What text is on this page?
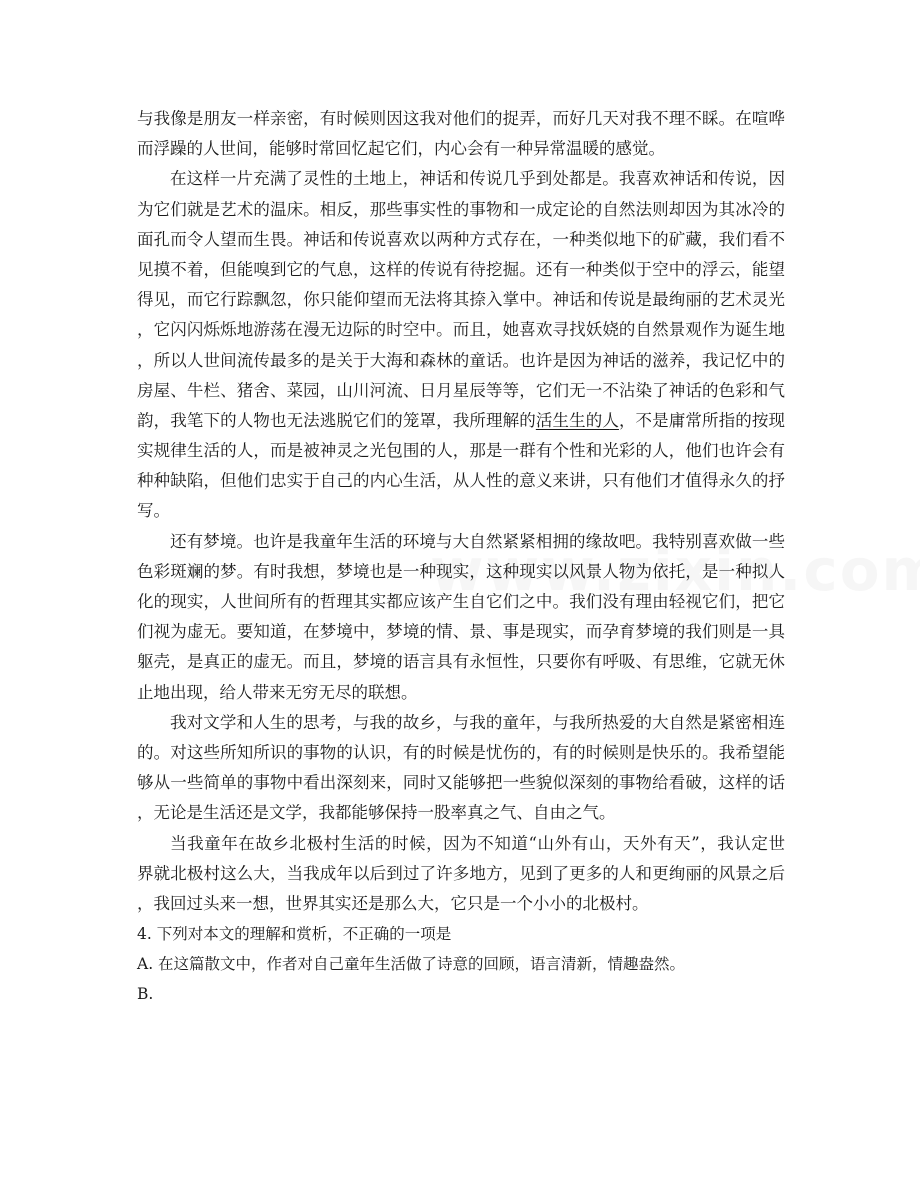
与我像是朋友一样亲密，有时候则因这我对他们的捉弄，而好几天对我不理不睬。在喧哗
而浮躁的人世间，能够时常回忆起它们，内心会有一种异常温暖的感觉。
在这样一片充满了灵性的土地上，神话和传说几乎到处都是。我喜欢神话和传说，因
为它们就是艺术的温床。相反，那些事实性的事物和一成定论的自然法则却因为其冰冷的
面孔而令人望而生畏。神话和传说喜欢以两种方式存在，一种类似地下的矿藏，我们看不
见摸不着，但能嗅到它的气息，这样的传说有待挖掘。还有一种类似于空中的浮云，能望
得见，而它行踪飘忽，你只能仰望而无法将其捺入掌中。神话和传说是最绚丽的艺术灵光
，它闪闪烁烁地游荡在漫无边际的时空中。而且，她喜欢寻找妖娆的自然景观作为诞生地
，所以人世间流传最多的是关于大海和森林的童话。也许是因为神话的滋养，我记忆中的
房屋、牛栏、猪舍、菜园，山川河流、日月星辰等等，它们无一不沾染了神话的色彩和气
韵，我笔下的人物也无法逃脱它们的笼罩，我所理解的活生生的人，不是庸常所指的按现
实规律生活的人，而是被神灵之光包围的人，那是一群有个性和光彩的人，他们也许会有
种种缺陷，但他们忠实于自己的内心生活，从人性的意义来讲，只有他们才值得永久的抒
写。
还有梦境。也许是我童年生活的环境与大自然紧紧相拥的缘故吧。我特别喜欢做一些
色彩斑斓的梦。有时我想，梦境也是一种现实，这种现实以风景人物为依托，是一种拟人
化的现实，人世间所有的哲理其实都应该产生自它们之中。我们没有理由轻视它们，把它
们视为虚无。要知道，在梦境中，梦境的情、景、事是现实，而孕育梦境的我们则是一具
躯壳，是真正的虚无。而且，梦境的语言具有永恒性，只要你有呼吸、有思维，它就无休
止地出现，给人带来无穷无尽的联想。
我对文学和人生的思考，与我的故乡，与我的童年，与我所热爱的大自然是紧密相连
的。对这些所知所识的事物的认识，有的时候是忧伤的，有的时候则是快乐的。我希望能
够从一些简单的事物中看出深刻来，同时又能够把一些貌似深刻的事物给看破，这样的话
，无论是生活还是文学，我都能够保持一股率真之气、自由之气。
当我童年在故乡北极村生活的时候，因为不知道“山外有山，天外有天”，我认定世
界就北极村这么大，当我成年以后到过了许多地方，见到了更多的人和更绚丽的风景之后
，我回过头来一想，世界其实还是那么大，它只是一个小小的北极村。
4. 下列对本文的理解和赏析，不正确的一项是
A. 在这篇散文中，作者对自己童年生活做了诗意的回顾，语言清新，情趣盎然。
B.
